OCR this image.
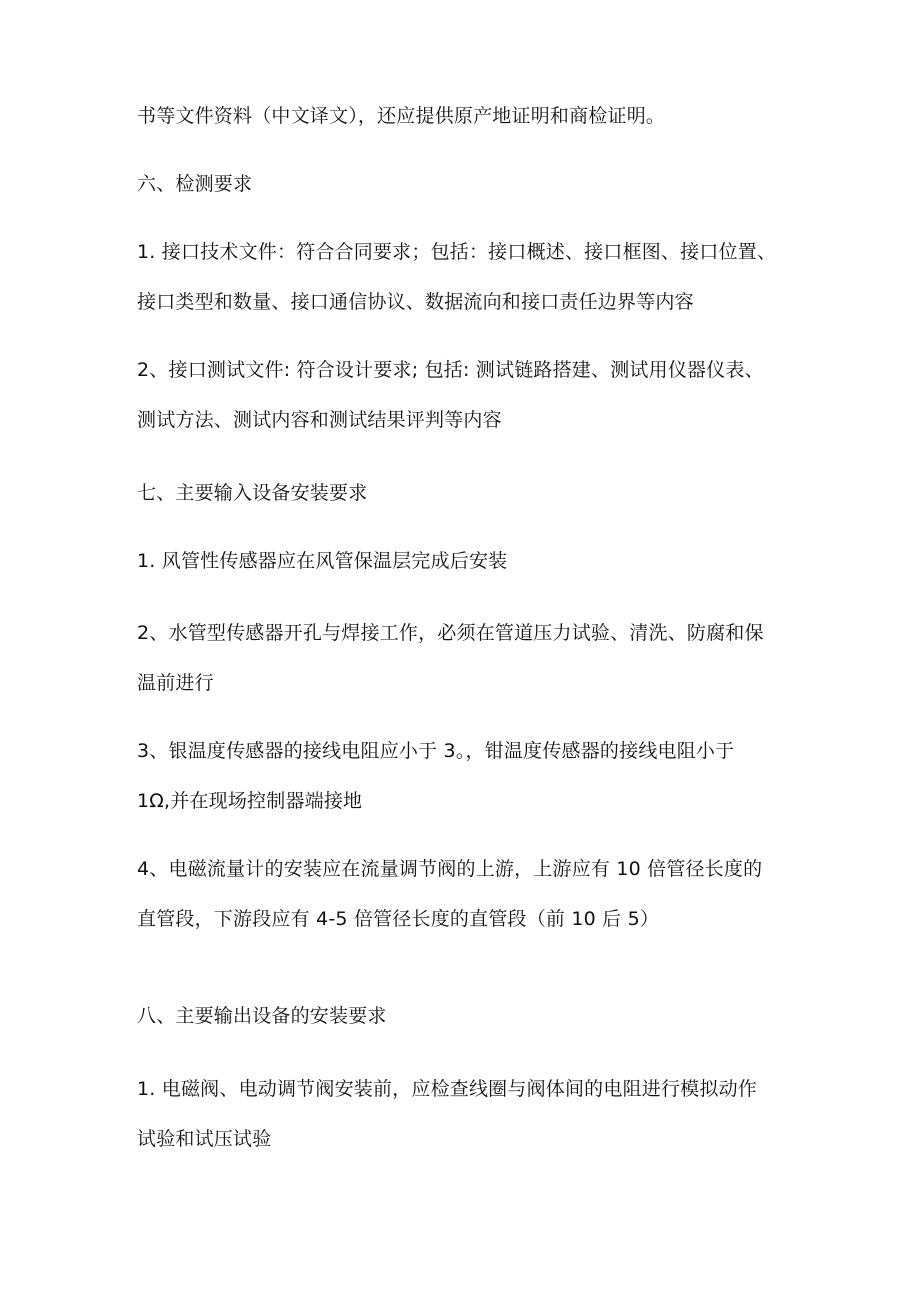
书等文件资料（中文译文），还应提供原产地证明和商检证明。
六、检测要求
1. 接口技术文件：符合合同要求；包括：接口概述、接口框图、接口位置、
接口类型和数量、接口通信协议、数据流向和接口责任边界等内容
2、接口测试文件: 符合设计要求; 包括: 测试链路搭建、测试用仪器仪表、
测试方法、测试内容和测试结果评判等内容
七、主要输入设备安装要求
1. 风管性传感器应在风管保温层完成后安装
2、水管型传感器开孔与焊接工作，必须在管道压力试验、清洗、防腐和保
温前进行
3、银温度传感器的接线电阻应小于 3。，钳温度传感器的接线电阻小于
1Ω,并在现场控制器端接地
4、电磁流量计的安装应在流量调节阀的上游，上游应有 10 倍管径长度的
直管段，下游段应有 4-5 倍管径长度的直管段（前 10 后 5）
八、主要输出设备的安装要求
1. 电磁阀、电动调节阀安装前，应检查线圈与阀体间的电阻进行模拟动作
试验和试压试验
